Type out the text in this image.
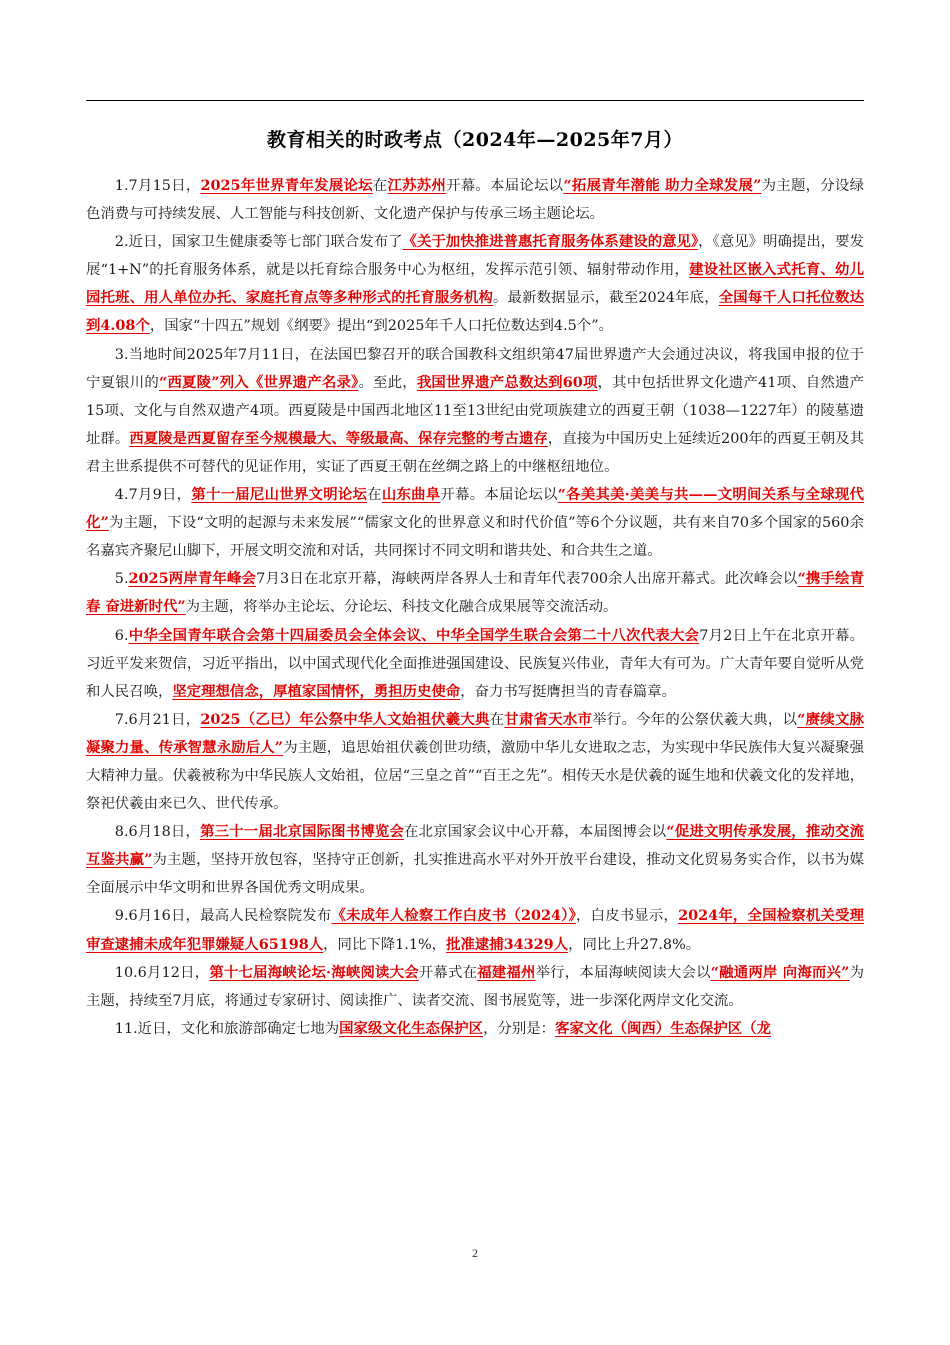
教育相关的时政考点（2024年—2025年7月）

1.7月15日，2025年世界青年发展论坛在江苏苏州开幕。本届论坛以“拓展青年潜能 助力全球发展”为主题，分设绿色消费与可持续发展、人工智能与科技创新、文化遗产保护与传承三场主题论坛。

2.近日，国家卫生健康委等七部门联合发布了《关于加快推进普惠托育服务体系建设的意见》，《意见》明确提出，要发展“1+N”的托育服务体系，就是以托育综合服务中心为枢纽，发挥示范引领、辐射带动作用，建设社区嵌入式托育、幼儿园托班、用人单位办托、家庭托育点等多种形式的托育服务机构。最新数据显示，截至2024年底，全国每千人口托位数达到4.08个，国家“十四五”规划《纲要》提出“到2025年千人口托位数达到4.5个”。

3.当地时间2025年7月11日，在法国巴黎召开的联合国教科文组织第47届世界遗产大会通过决议，将我国申报的位于宁夏银川的“西夏陵”列入《世界遗产名录》。至此，我国世界遗产总数达到60项，其中包括世界文化遗产41项、自然遗产15项、文化与自然双遗产4项。西夏陵是中国西北地区11至13世纪由党项族建立的西夏王朝（1038—1227年）的陵墓遗址群。西夏陵是西夏留存至今规模最大、等级最高、保存完整的考古遗存，直接为中国历史上延续近200年的西夏王朝及其君主世系提供不可替代的见证作用，实证了西夏王朝在丝绸之路上的中继枢纽地位。

4.7月9日，第十一届尼山世界文明论坛在山东曲阜开幕。本届论坛以“各美其美·美美与共——文明间关系与全球现代化”为主题，下设“文明的起源与未来发展”“儒家文化的世界意义和时代价值”等6个分议题，共有来自70多个国家的560余名嘉宾齐聚尼山脚下，开展文明交流和对话，共同探讨不同文明和谐共处、和合共生之道。

5.2025两岸青年峰会7月3日在北京开幕，海峡两岸各界人士和青年代表700余人出席开幕式。此次峰会以“携手绘青春 奋进新时代”为主题，将举办主论坛、分论坛、科技文化融合成果展等交流活动。

6.中华全国青年联合会第十四届委员会全体会议、中华全国学生联合会第二十八次代表大会7月2日上午在北京开幕。习近平发来贺信，习近平指出，以中国式现代化全面推进强国建设、民族复兴伟业，青年大有可为。广大青年要自觉听从党和人民召唤，坚定理想信念，厚植家国情怀，勇担历史使命，奋力书写挺膺担当的青春篇章。

7.6月21日，2025（乙巳）年公祭中华人文始祖伏羲大典在甘肃省天水市举行。今年的公祭伏羲大典，以“赓续文脉凝聚力量、传承智慧永励后人”为主题，追思始祖伏羲创世功绩，激励中华儿女进取之志，为实现中华民族伟大复兴凝聚强大精神力量。伏羲被称为中华民族人文始祖，位居“三皇之首”“百王之先”。相传天水是伏羲的诞生地和伏羲文化的发祥地，祭祀伏羲由来已久、世代传承。

8.6月18日，第三十一届北京国际图书博览会在北京国家会议中心开幕，本届图博会以“促进文明传承发展，推动交流互鉴共赢”为主题，坚持开放包容，坚持守正创新，扎实推进高水平对外开放平台建设，推动文化贸易务实合作，以书为媒全面展示中华文明和世界各国优秀文明成果。

9.6月16日，最高人民检察院发布《未成年人检察工作白皮书（2024）》，白皮书显示，2024年，全国检察机关受理审查逮捕未成年犯罪嫌疑人65198人，同比下降1.1%，批准逮捕34329人，同比上升27.8%。

10.6月12日，第十七届海峡论坛·海峡阅读大会开幕式在福建福州举行，本届海峡阅读大会以“融通两岸 向海而兴”为主题，持续至7月底，将通过专家研讨、阅读推广、读者交流、图书展览等，进一步深化两岸文化交流。

11.近日，文化和旅游部确定七地为国家级文化生态保护区，分别是：客家文化（闽西）生态保护区（龙

2
